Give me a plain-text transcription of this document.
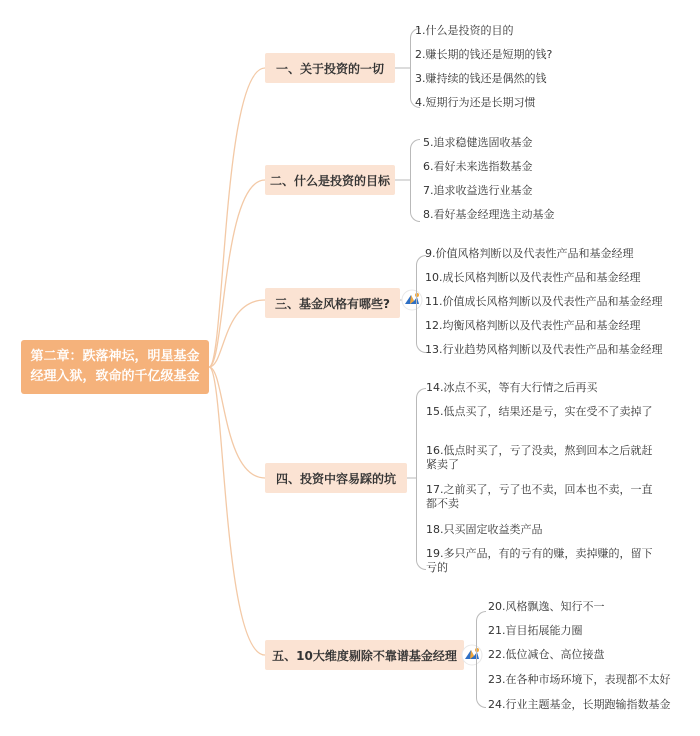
第二章：跌落神坛，明星基金经理入狱，致命的千亿级基金
一、关于投资的一切
1.什么是投资的目的
2.赚长期的钱还是短期的钱?
3.赚持续的钱还是偶然的钱
4.短期行为还是长期习惯
二、什么是投资的目标
5.追求稳健选固收基金
6.看好未来选指数基金
7.追求收益选行业基金
8.看好基金经理选主动基金
三、基金风格有哪些?
9.价值风格判断以及代表性产品和基金经理
10.成长风格判断以及代表性产品和基金经理
11.价值成长风格判断以及代表性产品和基金经理
12.均衡风格判断以及代表性产品和基金经理
13.行业趋势风格判断以及代表性产品和基金经理
四、投资中容易踩的坑
14.冰点不买，等有大行情之后再买
15.低点买了，结果还是亏，实在受不了卖掉了
16.低点时买了，亏了没卖，熬到回本之后就赶紧卖了
17.之前买了，亏了也不卖，回本也不卖，一直都不卖
18.只买固定收益类产品
19.多只产品，有的亏有的赚，卖掉赚的，留下亏的
五、10大维度剔除不靠谱基金经理
20.风格飘逸、知行不一
21.盲目拓展能力圈
22.低位减仓、高位接盘
23.在各种市场环境下，表现都不太好
24.行业主题基金，长期跑输指数基金
